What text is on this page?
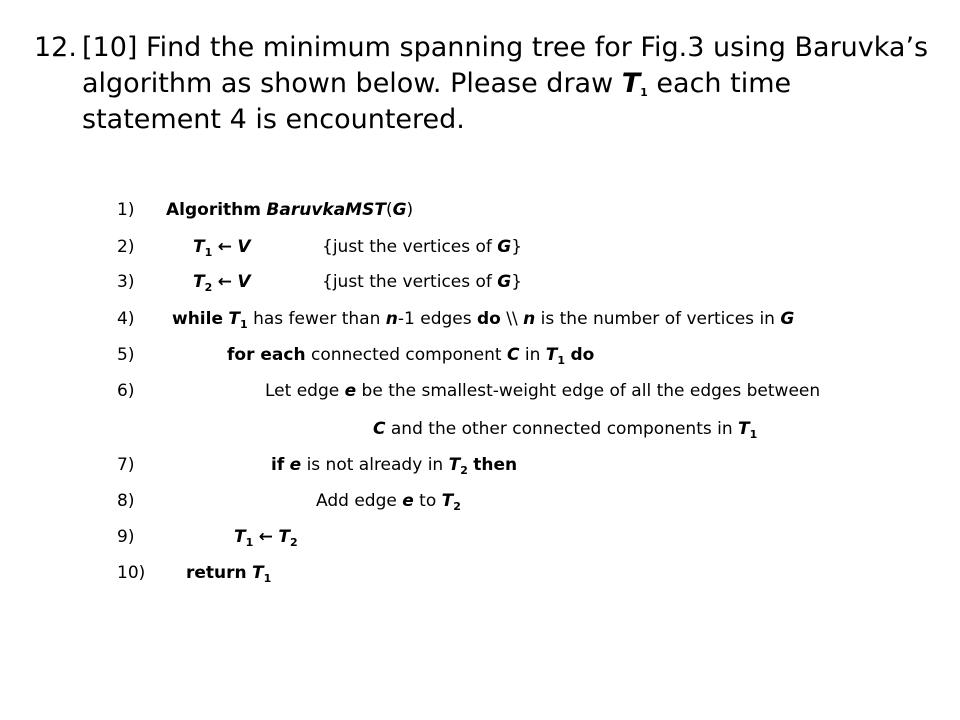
12. [10] Find the minimum spanning tree for Fig.3 using Baruvka’s algorithm as shown below. Please draw $T_1$ each time statement 4 is encountered.
1)
2)
3)
4)
5)
6)
7)
8)
9)
10)
Algorithm BaruvkaMST(G)
$T_1$ ← V	{just the vertices of G}
$T_2$ ← V	{just the vertices of G}
while $T_1$ has fewer than n-1 edges do \\ n is the number of vertices in G
for each connected component C in $T_1$ do
Let edge e be the smallest-weight edge of all the edges between
C and the other connected components in $T_1$
if e is not already in $T_2$ then
Add edge e to $T_2$
$T_1$ ← $T_2$
return $T_1$
